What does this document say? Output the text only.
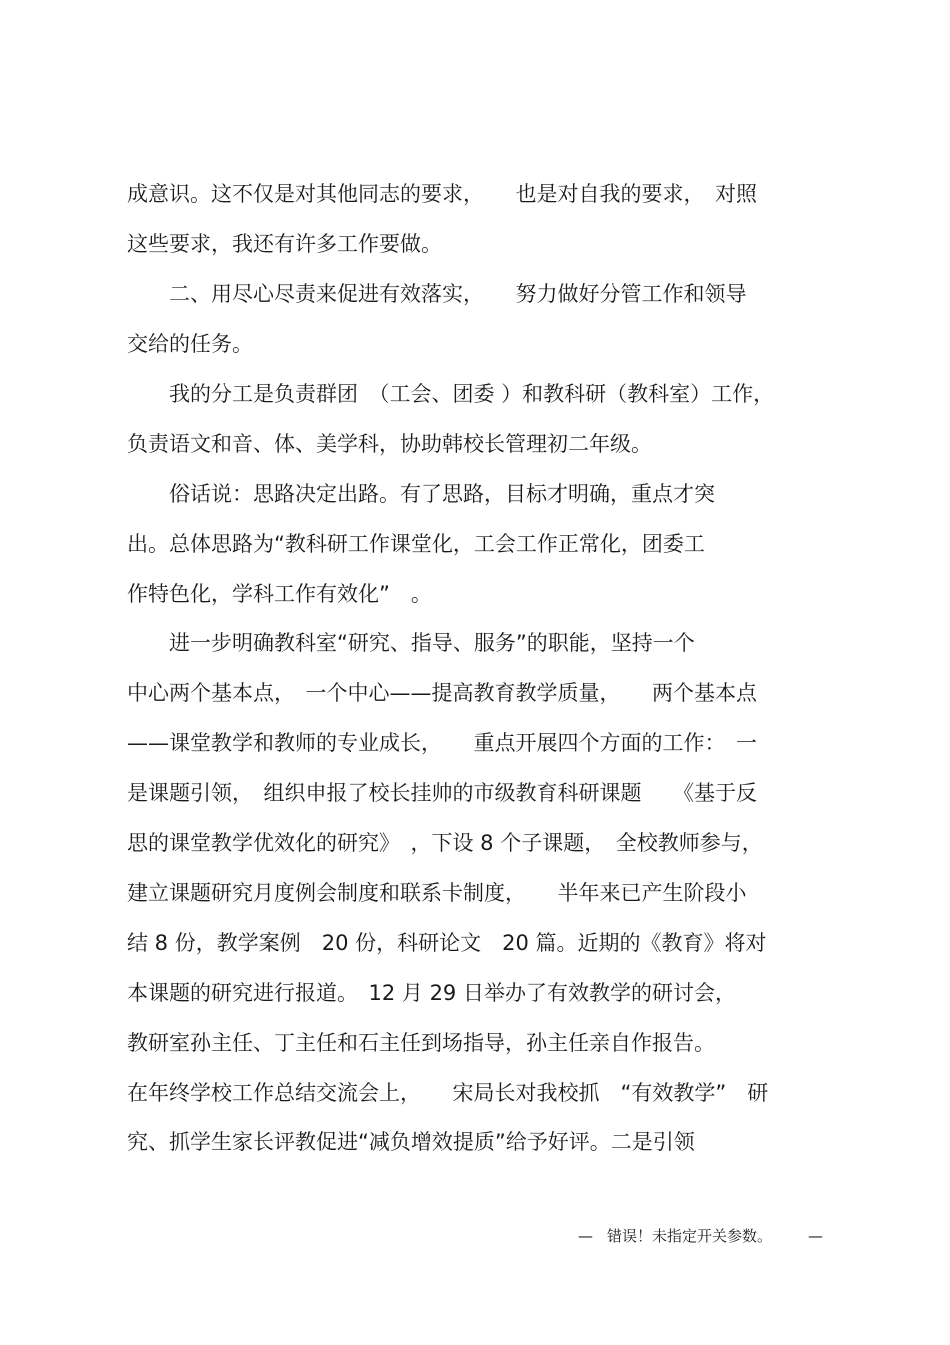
成意识。这不仅是对其他同志的要求，　　也是对自我的要求，　对照
这些要求，我还有许多工作要做。
　　二、用尽心尽责来促进有效落实，　　努力做好分管工作和领导
交给的任务。
　　我的分工是负责群团　（工会、团委 ）和教科研（教科室）工作，
负责语文和音、体、美学科，协助韩校长管理初二年级。
　　俗话说：思路决定出路。有了思路，目标才明确，重点才突
出。总体思路为“教科研工作课堂化，工会工作正常化，团委工
作特色化，学科工作有效化”　。
　　进一步明确教科室“研究、指导、服务”的职能，坚持一个
中心两个基本点，　一个中心——提高教育教学质量，　　两个基本点
——课堂教学和教师的专业成长，　　重点开展四个方面的工作：　一
是课题引领，　组织申报了校长挂帅的市级教育科研课题　　《基于反
思的课堂教学优效化的研究》　，下设 8 个子课题，　全校教师参与，
建立课题研究月度例会制度和联系卡制度，　　半年来已产生阶段小
结 8 份，教学案例　20 份，科研论文　20 篇。近期的《教育》将对
本课题的研究进行报道。　12 月 29 日举办了有效教学的研讨会，
教研室孙主任、丁主任和石主任到场指导，孙主任亲自作报告。
在年终学校工作总结交流会上，　　宋局长对我校抓　“有效教学”　研
究、抓学生家长评教促进“减负增效提质”给予好评。二是引领
— 错误！未指定开关参数。 —
